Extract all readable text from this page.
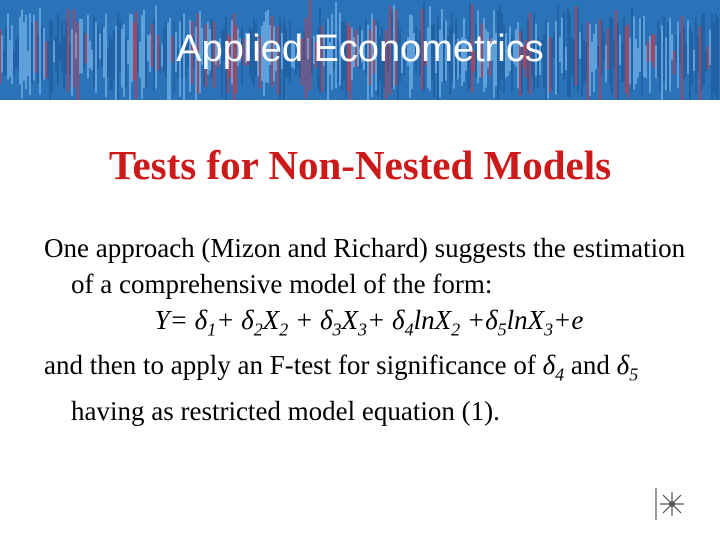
Applied Econometrics
Tests for Non-Nested Models

One approach (Mizon and Richard) suggests the estimation of a comprehensive model of the form:

$Y= \delta_1+ \delta_2X_2 + \delta_3X_3+ \delta_4\ln X_2 +\delta_5\ln X_3+e$

and then to apply an F-test for significance of $\delta_4$ and $\delta_5$ having as restricted model equation (1).
